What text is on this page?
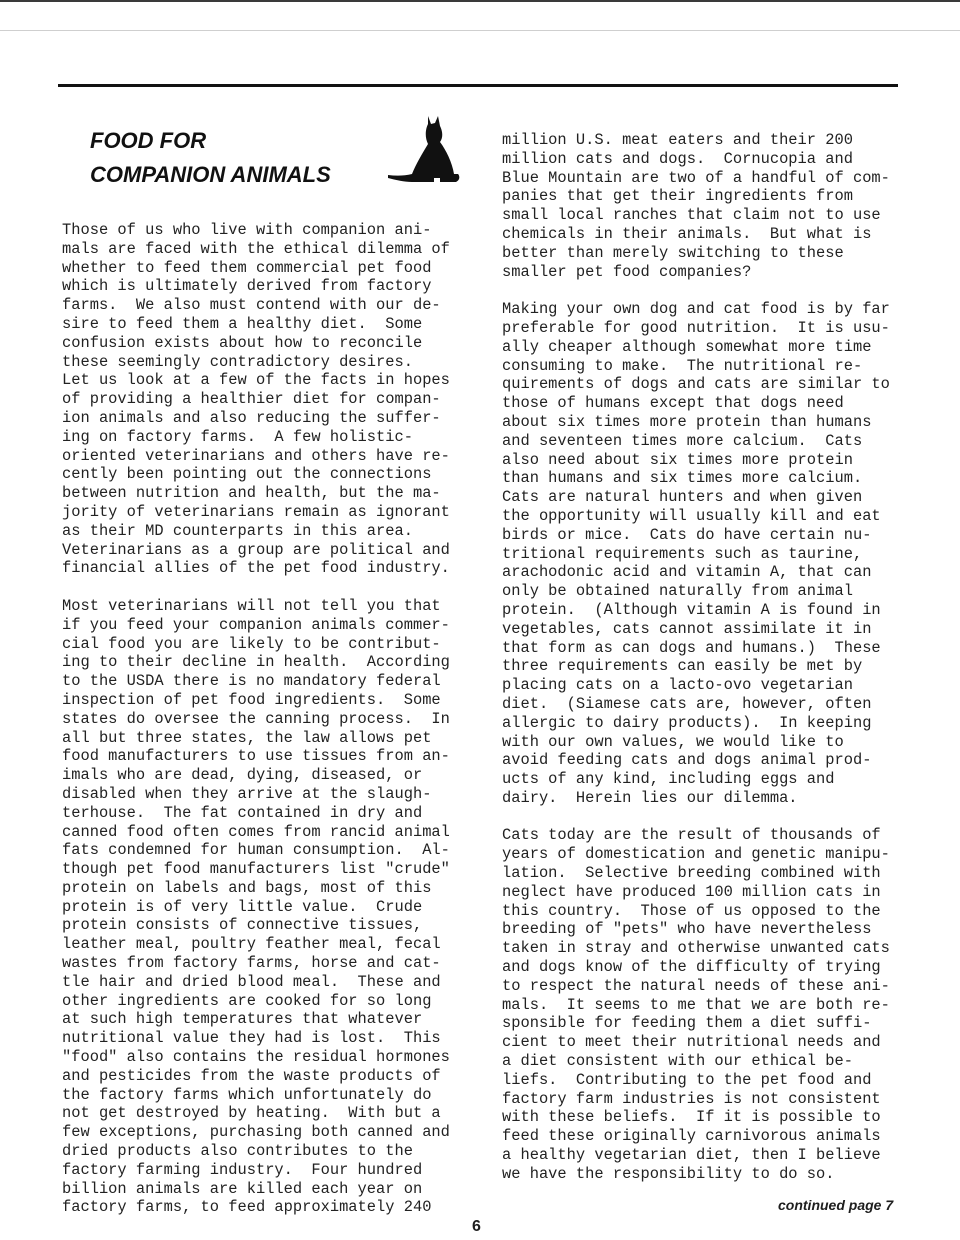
FOOD FOR
COMPANION ANIMALS

Those of us who live with companion ani-
mals are faced with the ethical dilemma of
whether to feed them commercial pet food
which is ultimately derived from factory
farms.  We also must contend with our de-
sire to feed them a healthy diet.  Some
confusion exists about how to reconcile
these seemingly contradictory desires.
Let us look at a few of the facts in hopes
of providing a healthier diet for compan-
ion animals and also reducing the suffer-
ing on factory farms.  A few holistic-
oriented veterinarians and others have re-
cently been pointing out the connections
between nutrition and health, but the ma-
jority of veterinarians remain as ignorant
as their MD counterparts in this area.
Veterinarians as a group are political and
financial allies of the pet food industry.

Most veterinarians will not tell you that
if you feed your companion animals commer-
cial food you are likely to be contribut-
ing to their decline in health.  According
to the USDA there is no mandatory federal
inspection of pet food ingredients.  Some
states do oversee the canning process.  In
all but three states, the law allows pet
food manufacturers to use tissues from an-
imals who are dead, dying, diseased, or
disabled when they arrive at the slaugh-
terhouse.  The fat contained in dry and
canned food often comes from rancid animal
fats condemned for human consumption.  Al-
though pet food manufacturers list "crude"
protein on labels and bags, most of this
protein is of very little value.  Crude
protein consists of connective tissues,
leather meal, poultry feather meal, fecal
wastes from factory farms, horse and cat-
tle hair and dried blood meal.  These and
other ingredients are cooked for so long
at such high temperatures that whatever
nutritional value they had is lost.  This
"food" also contains the residual hormones
and pesticides from the waste products of
the factory farms which unfortunately do
not get destroyed by heating.  With but a
few exceptions, purchasing both canned and
dried products also contributes to the
factory farming industry.  Four hundred
billion animals are killed each year on
factory farms, to feed approximately 240

million U.S. meat eaters and their 200
million cats and dogs.  Cornucopia and
Blue Mountain are two of a handful of com-
panies that get their ingredients from
small local ranches that claim not to use
chemicals in their animals.  But what is
better than merely switching to these
smaller pet food companies?

Making your own dog and cat food is by far
preferable for good nutrition.  It is usu-
ally cheaper although somewhat more time
consuming to make.  The nutritional re-
quirements of dogs and cats are similar to
those of humans except that dogs need
about six times more protein than humans
and seventeen times more calcium.  Cats
also need about six times more protein
than humans and six times more calcium.
Cats are natural hunters and when given
the opportunity will usually kill and eat
birds or mice.  Cats do have certain nu-
tritional requirements such as taurine,
arachodonic acid and vitamin A, that can
only be obtained naturally from animal
protein.  (Although vitamin A is found in
vegetables, cats cannot assimilate it in
that form as can dogs and humans.)  These
three requirements can easily be met by
placing cats on a lacto-ovo vegetarian
diet.  (Siamese cats are, however, often
allergic to dairy products).  In keeping
with our own values, we would like to
avoid feeding cats and dogs animal prod-
ucts of any kind, including eggs and
dairy.  Herein lies our dilemma.

Cats today are the result of thousands of
years of domestication and genetic manipu-
lation.  Selective breeding combined with
neglect have produced 100 million cats in
this country.  Those of us opposed to the
breeding of "pets" who have nevertheless
taken in stray and otherwise unwanted cats
and dogs know of the difficulty of trying
to respect the natural needs of these ani-
mals.  It seems to me that we are both re-
sponsible for feeding them a diet suffi-
cient to meet their nutritional needs and
a diet consistent with our ethical be-
liefs.  Contributing to the pet food and
factory farm industries is not consistent
with these beliefs.  If it is possible to
feed these originally carnivorous animals
a healthy vegetarian diet, then I believe
we have the responsibility to do so.

continued page 7
6
